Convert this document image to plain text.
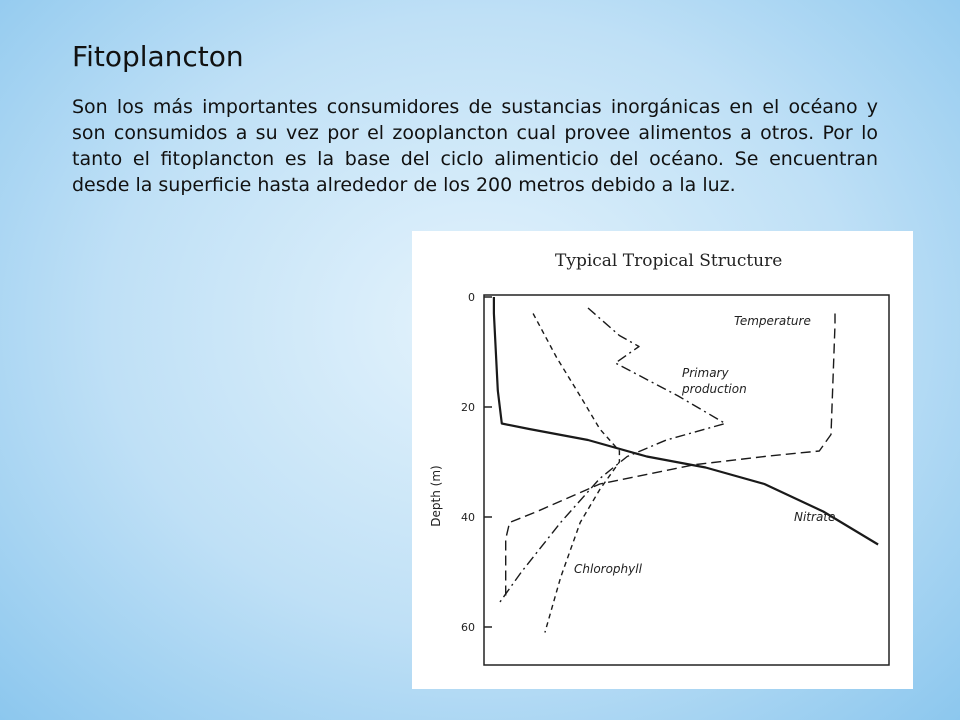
Fitoplancton
Son los más importantes consumidores de sustancias inorgánicas en el océano y son consumidos a su vez por el zooplancton cual provee alimentos a otros. Por lo tanto el fitoplancton es la base del ciclo alimenticio del océano. Se encuentran desde la superficie hasta alrededor de los 200 metros debido a la luz.
Typical Tropical Structure
Depth (m)
0
20
40
60
Temperature
Primary
production
Chlorophyll
Nitrate
